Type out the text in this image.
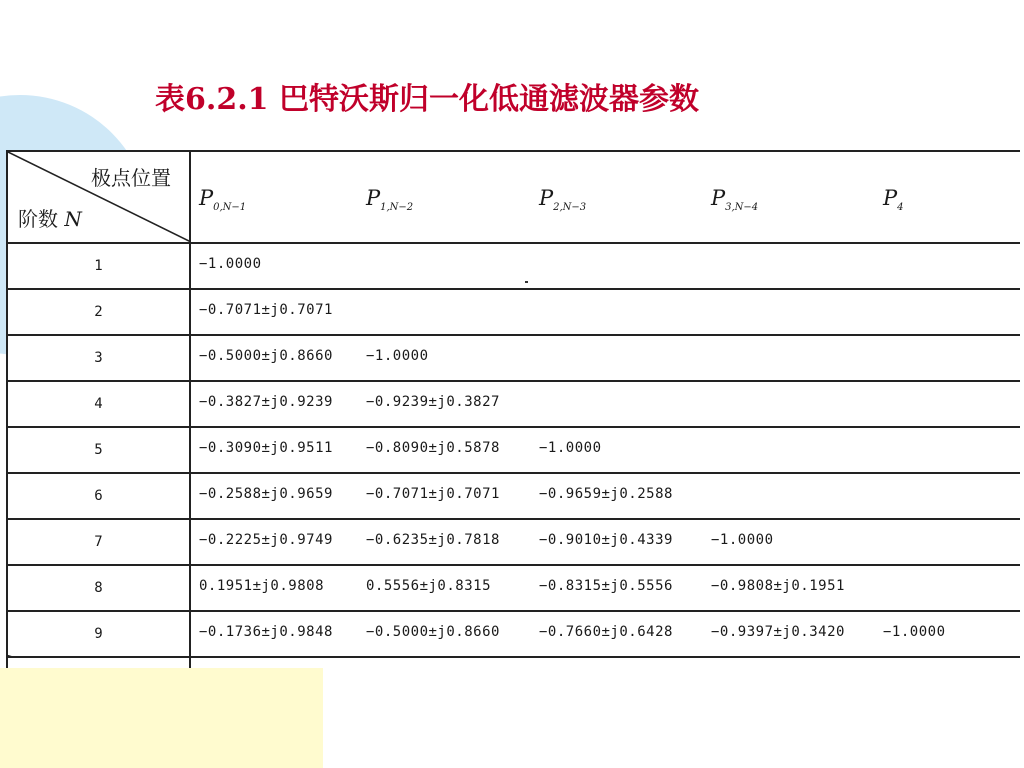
表6.2.1 巴特沃斯归一化低通滤波器参数
极点位置
阶数 N	$P_{0,N-1}$ $P_{1,N-2}$ $P_{2,N-3}$ $P_{3,N-4}$ $P_4$

1	−1.0000

2	−0.7071±j0.7071

3	−0.5000±j0.8660 −1.0000

4	−0.3827±j0.9239 −0.9239±j0.3827

5	−0.3090±j0.9511 −0.8090±j0.5878 −1.0000

6	−0.2588±j0.9659 −0.7071±j0.7071 −0.9659±j0.2588

7	−0.2225±j0.9749 −0.6235±j0.7818 −0.9010±j0.4339 −1.0000

8	0.1951±j0.9808 0.5556±j0.8315 −0.8315±j0.5556 −0.9808±j0.1951

9	−0.1736±j0.9848 −0.5000±j0.8660 −0.7660±j0.6428 −0.9397±j0.3420 −1.0000
